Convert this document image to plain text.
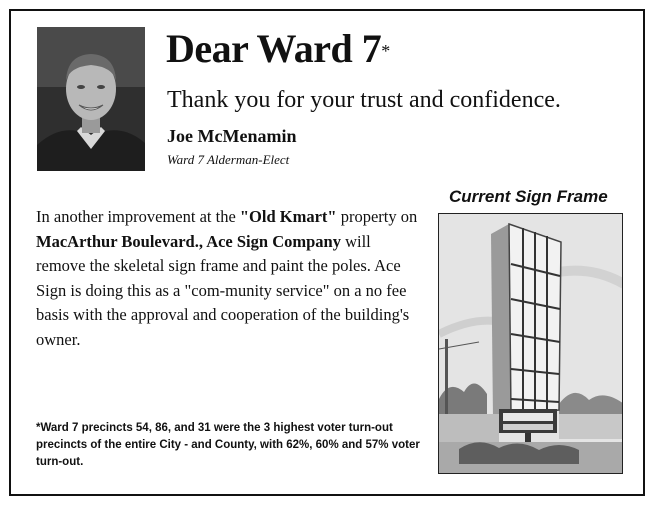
Dear Ward 7*
Thank you for your trust and confidence.
Joe McMenamin
Ward 7 Alderman-Elect
In another improvement at the "Old Kmart" property on MacArthur Boulevard., Ace Sign Company will remove the skeletal sign frame and paint the poles. Ace Sign is doing this as a "com-munity service" on a no fee basis with the approval and cooperation of the building's owner.
*Ward 7 precincts 54, 86, and 31 were the 3 highest voter turn-out precincts of the entire City - and County, with 62%, 60% and 57% voter turn-out.
Current Sign Frame
